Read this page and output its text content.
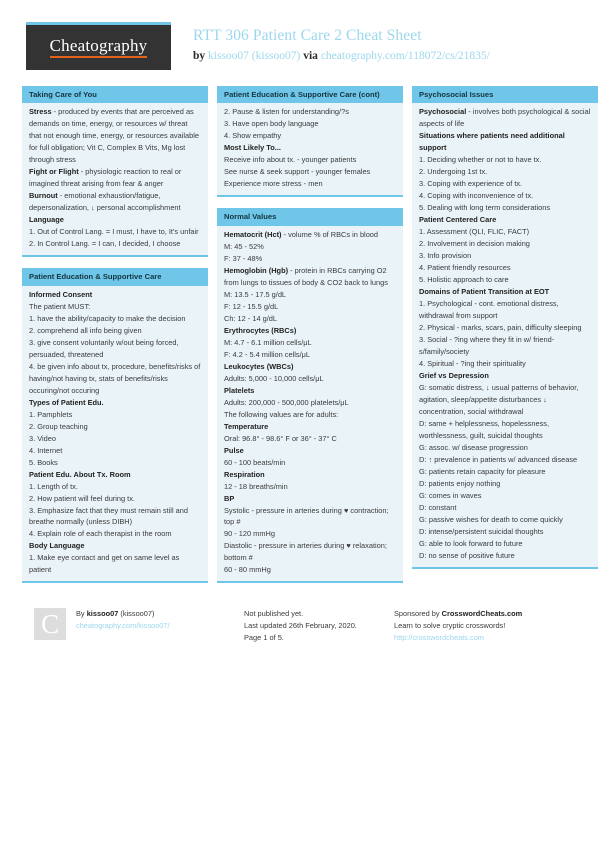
Cheatography
RTT 306 Patient Care 2 Cheat Sheet
by kissoo07 (kissoo07) via cheatography.com/118072/cs/21835/
Taking Care of You
Stress - produced by events that are perceived as demands on time, energy, or resources w/ threat that not enough time, energy, or resources available for full obligation; Vit C, Complex B Vits, Mg lost through stress
Fight or Flight - physiologic reaction to real or imagined threat arising from fear & anger
Burnout - emotional exhaustion/fatigue, depersonalization, ↓ personal accomplishment
Language
1. Out of Control Lang. = I must, I have to, It's unfair
2. In Control Lang. = I can, I decided, I choose
Patient Education & Supportive Care
Informed Consent
The patient MUST:
1. have the ability/capacity to make the decision
2. comprehend all info being given
3. give consent voluntarily w/out being forced, persuaded, threatened
4. be given info about tx, procedure, benefits/risks of having/not having tx, stats of benefits/risks occuring/not occuring
Types of Patient Edu.
1. Pamphlets
2. Group teaching
3. Video
4. Internet
5. Books
Patient Edu. About Tx. Room
1. Length of tx.
2. How patient will feel during tx.
3. Emphasize fact that they must remain still and breathe normally (unless DIBH)
4. Explain role of each therapist in the room
Body Language
1. Make eye contact and get on same level as patient
Patient Education & Supportive Care (cont)
2. Pause & listen for understanding/?s
3. Have open body language
4. Show empathy
Most Likely To...
Receive info about tx. - younger patients
See nurse & seek support - younger females
Experience more stress - men
Normal Values
Hematocrit (Hct) - volume % of RBCs in blood
M: 45 - 52%
F: 37 - 48%
Hemoglobin (Hgb) - protein in RBCs carrying O2 from lungs to tissues of body & CO2 back to lungs
M: 13.5 - 17.5 g/dL
F: 12 - 15.5 g/dL
Ch: 12 - 14 g/dL
Erythrocytes (RBCs)
M: 4.7 - 6.1 million cells/μL
F: 4.2 - 5.4 million cells/μL
Leukocytes (WBCs)
Adults: 5,000 - 10,000 cells/μL
Platelets
Adults: 200,000 - 500,000 platelets/μL
The following values are for adults:
Temperature
Oral: 96.8° - 98.6° F or 36° - 37° C
Pulse
60 - 100 beats/min
Respiration
12 - 18 breaths/min
BP
Systolic - pressure in arteries during ♥ contraction; top #
90 - 120 mmHg
Diastolic - pressure in arteries during ♥ relaxation; bottom #
60 - 80 mmHg
Psychosocial Issues
Psychosocial - involves both psychological & social aspects of life
Situations where patients need additional support
1. Deciding whether or not to have tx.
2. Undergoing 1st tx.
3. Coping with experience of tx.
4. Coping with inconvenience of tx.
5. Dealing with long term considerations
Patient Centered Care
1. Assessment (QLI, FLIC, FACT)
2. Involvement in decision making
3. Info provision
4. Patient friendly resources
5. Holistic approach to care
Domains of Patient Transition at EOT
1. Psychological - cont. emotional distress, withdrawal from support
2. Physical - marks, scars, pain, difficulty sleeping
3. Social - ?ing where they fit in w/ friends/family/society
4. Spiritual - ?ing their spirituality
Grief vs Depression
G: somatic distress, ↓ usual patterns of behavior, agitation, sleep/appetite disturbances ↓ concentration, social withdrawal
D: same + helplessness, hopelessness, worthlessness, guilt, suicidal thoughts
G: assoc. w/ disease progression
D: ↑ prevalence in patients w/ advanced disease
G: patients retain capacity for pleasure
D: patients enjoy nothing
G: comes in waves
D: constant
G: passive wishes for death to come quickly
D: intense/persistent suicidal thoughts
G: able to look forward to future
D: no sense of positive future
C	By kissoo07 (kissoo07)
cheatography.com/kissoo07/
Not published yet.
Last updated 26th February, 2020.
Page 1 of 5.
Sponsored by CrosswordCheats.com
Learn to solve cryptic crosswords!
http://crosswordcheats.com
